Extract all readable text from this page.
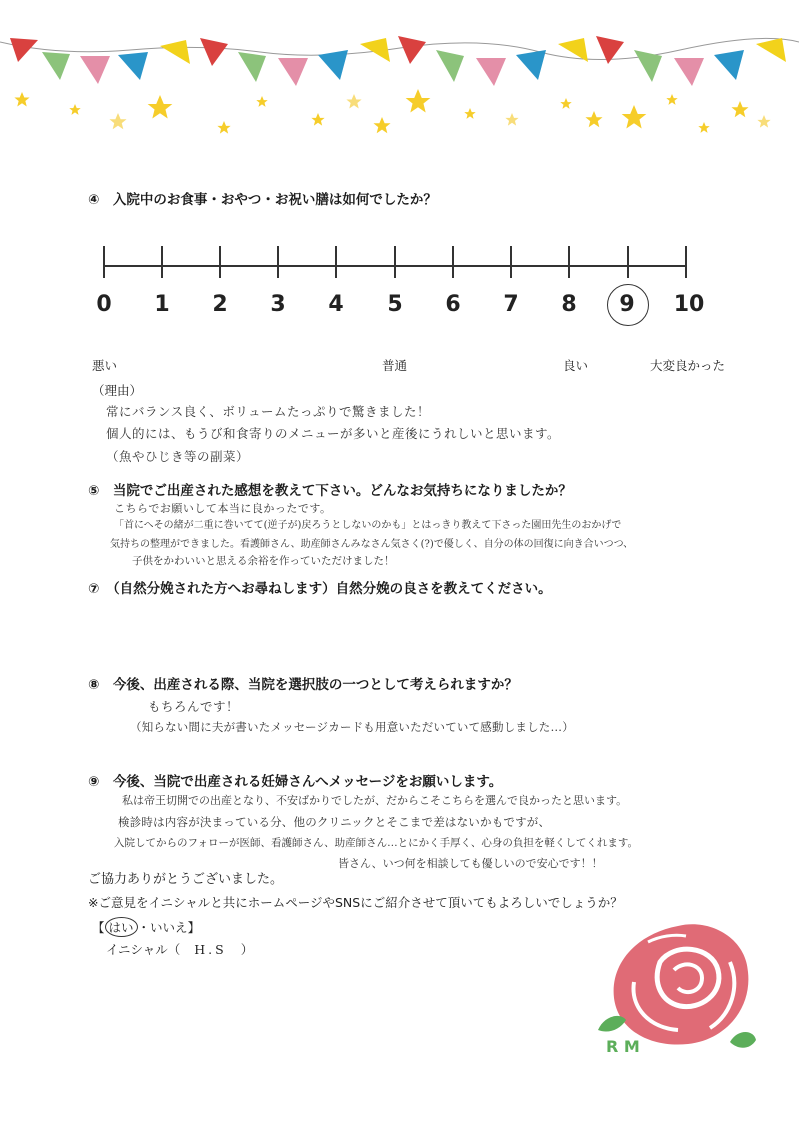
④　入院中のお食事・おやつ・お祝い膳は如何でしたか？
0	1	2	3	4	5	6	7	8	9	10
悪い	普通	良い	大変良かった
（理由）
常にバランス良く、ボリュームたっぷりで驚きました！
個人的には、もうび和食寄りのメニューが多いと産後にうれしいと思います。
（魚やひじき等の副菜）
⑤　当院でご出産された感想を教えて下さい。どんなお気持ちになりましたか？
こちらでお願いして本当に良かったです。
「首にへその緒が二重に巻いてて(逆子が)戻ろうとしないのかも」とはっきり教えて下さった園田先生のおかげで
気持ちの整理ができました。看護師さん、助産師さんみなさん気さく(?)で優しく、自分の体の回復に向き合いつつ、
子供をかわいいと思える余裕を作っていただけました！
⑦　（自然分娩された方へお尋ねします）自然分娩の良さを教えてください。
⑧　今後、出産される際、当院を選択肢の一つとして考えられますか？
もちろんです！
（知らない間に夫が書いたメッセージカードも用意いただいていて感動しました…）
⑨　今後、当院で出産される妊婦さんへメッセージをお願いします。
私は帝王切開での出産となり、不安ばかりでしたが、だからこそこちらを選んで良かったと思います。
検診時は内容が決まっている分、他のクリニックとそこまで差はないかもですが、
入院してからのフォローが医師、看護師さん、助産師さん…とにかく手厚く、心身の負担を軽くしてくれます。
皆さん、いつ何を相談しても優しいので安心です！！
ご協力ありがとうございました。
※ご意見をイニシャルと共にホームページやSNSにご紹介させて頂いてもよろしいでしょうか？
【 はい ・いいえ】
イニシャル（ H.S ）
R M
